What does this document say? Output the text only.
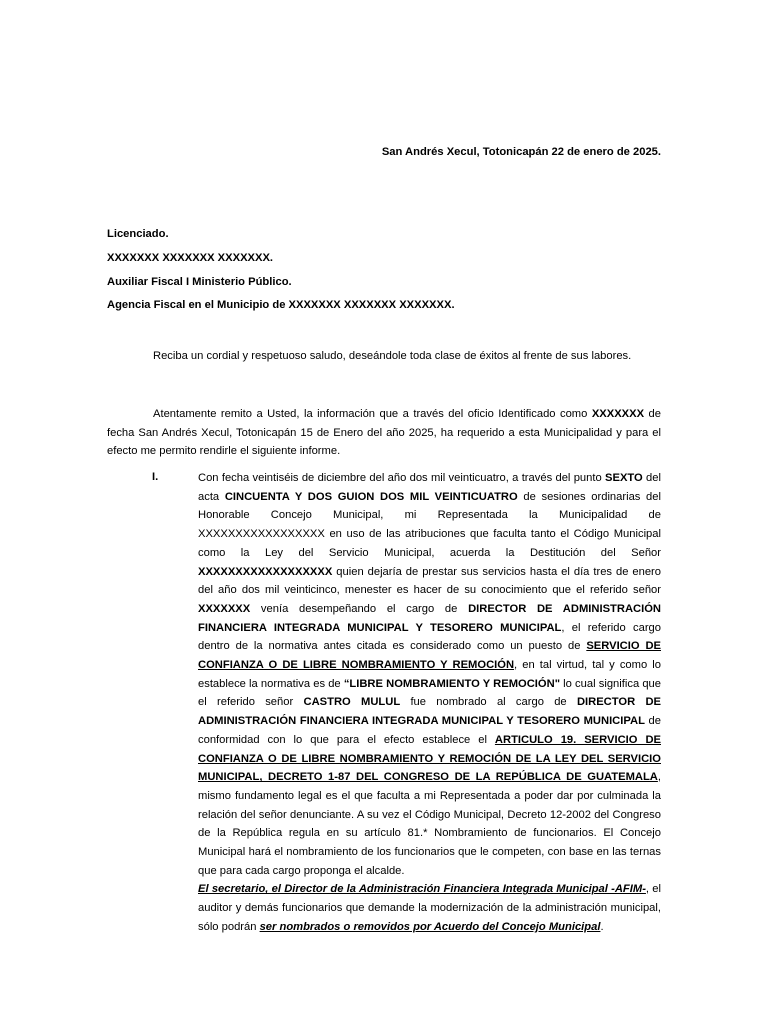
San Andrés Xecul, Totonicapán 22 de enero de 2025.
Licenciado.
XXXXXXX XXXXXXX XXXXXXX.
Auxiliar Fiscal I Ministerio Público.
Agencia Fiscal en el Municipio de XXXXXXX XXXXXXX XXXXXXX.
Reciba un cordial y respetuoso saludo, deseándole toda clase de éxitos al frente de sus labores.
Atentamente remito a Usted, la información que a través del oficio Identificado como XXXXXXX de fecha San Andrés Xecul, Totonicapán 15 de Enero del año 2025, ha requerido a esta Municipalidad y para el efecto me permito rendirle el siguiente informe.
I.	Con fecha veintiséis de diciembre del año dos mil veinticuatro, a través del punto SEXTO del acta CINCUENTA Y DOS GUION DOS MIL VEINTICUATRO de sesiones ordinarias del Honorable Concejo Municipal, mi Representada la Municipalidad de XXXXXXXXXXXXXXXXX en uso de las atribuciones que faculta tanto el Código Municipal como la Ley del Servicio Municipal, acuerda la Destitución del Señor XXXXXXXXXXXXXXXXXX quien dejaría de prestar sus servicios hasta el día tres de enero del año dos mil veinticinco, menester es hacer de su conocimiento que el referido señor XXXXXXX venía desempeñando el cargo de DIRECTOR DE ADMINISTRACIÓN FINANCIERA INTEGRADA MUNICIPAL Y TESORERO MUNICIPAL, el referido cargo dentro de la normativa antes citada es considerado como un puesto de SERVICIO DE CONFIANZA O DE LIBRE NOMBRAMIENTO Y REMOCIÓN, en tal virtud, tal y como lo establece la normativa es de “LIBRE NOMBRAMIENTO Y REMOCIÓN" lo cual significa que el referido señor CASTRO MULUL fue nombrado al cargo de DIRECTOR DE ADMINISTRACIÓN FINANCIERA INTEGRADA MUNICIPAL Y TESORERO MUNICIPAL de conformidad con lo que para el efecto establece el ARTICULO 19. SERVICIO DE CONFIANZA O DE LIBRE NOMBRAMIENTO Y REMOCIÓN DE LA LEY DEL SERVICIO MUNICIPAL, DECRETO 1-87 DEL CONGRESO DE LA REPÚBLICA DE GUATEMALA, mismo fundamento legal es el que faculta a mi Representada a poder dar por culminada la relación del señor denunciante. A su vez el Código Municipal, Decreto 12-2002 del Congreso de la República regula en su artículo 81.* Nombramiento de funcionarios. El Concejo Municipal hará el nombramiento de los funcionarios que le competen, con base en las ternas que para cada cargo proponga el alcalde.

El secretario, el Director de la Administración Financiera Integrada Municipal -AFIM-, el auditor y demás funcionarios que demande la modernización de la administración municipal, sólo podrán ser nombrados o removidos por Acuerdo del Concejo Municipal.
